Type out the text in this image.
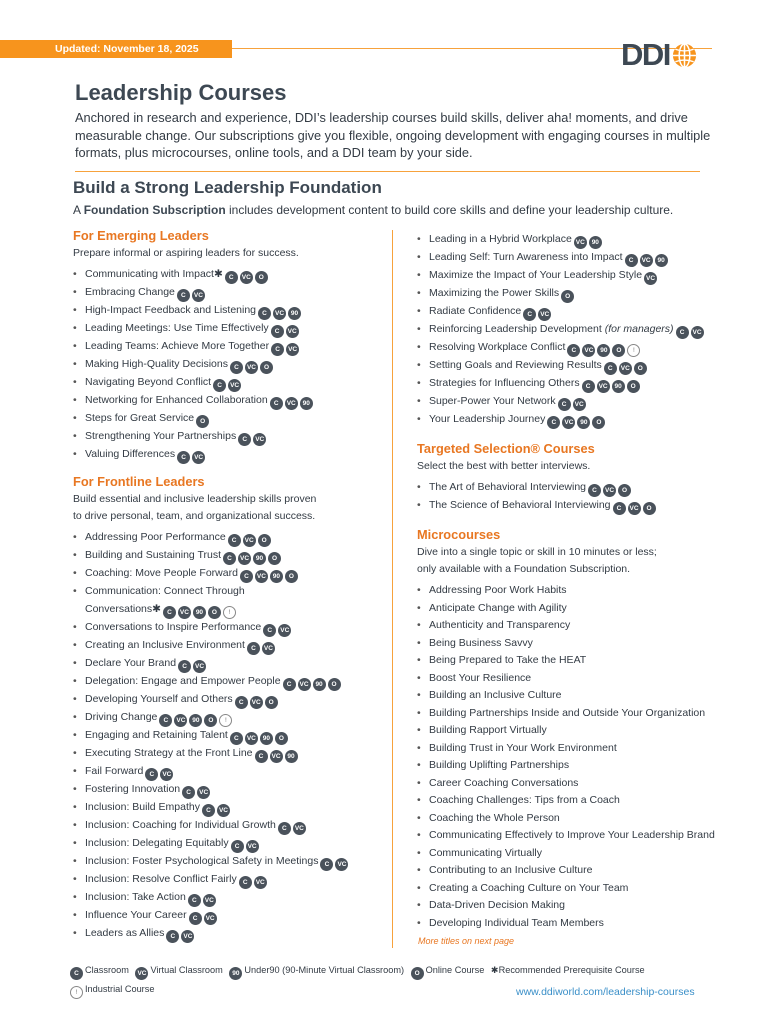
Updated: November 18, 2025	DDI
Leadership Courses

Anchored in research and experience, DDI’s leadership courses build skills, deliver aha! moments, and drive measurable change. Our subscriptions give you flexible, ongoing development with engaging courses in multiple formats, plus microcourses, online tools, and a DDI team by your side.

Build a Strong Leadership Foundation

A Foundation Subscription includes development content to build core skills and define your leadership culture.

For Emerging Leaders
Prepare informal or aspiring leaders for success.
• Communicating with Impact✱ C VC O
• Embracing Change C VC
• High-Impact Feedback and Listening C VC 90
• Leading Meetings: Use Time Effectively C VC
• Leading Teams: Achieve More Together C VC
• Making High-Quality Decisions C VC O
• Navigating Beyond Conflict C VC
• Networking for Enhanced Collaboration C VC 90
• Steps for Great Service O
• Strengthening Your Partnerships C VC
• Valuing Differences C VC
For Frontline Leaders
Build essential and inclusive leadership skills proven
to drive personal, team, and organizational success.
• Addressing Poor Performance C VC O
• Building and Sustaining Trust C VC 90 O
• Coaching: Move People Forward C VC 90 O
• Communication: Connect Through
Conversations✱ C VC 90 O !
• Conversations to Inspire Performance C VC
• Creating an Inclusive Environment C VC
• Declare Your Brand C VC
• Delegation: Engage and Empower People C VC 90 O
• Developing Yourself and Others C VC O
• Driving Change C VC 90 O !
• Engaging and Retaining Talent C VC 90 O
• Executing Strategy at the Front Line C VC 90
• Fail Forward C VC
• Fostering Innovation C VC
• Inclusion: Build Empathy C VC
• Inclusion: Coaching for Individual Growth C VC
• Inclusion: Delegating Equitably C VC
• Inclusion: Foster Psychological Safety in Meetings C VC
• Inclusion: Resolve Conflict Fairly C VC
• Inclusion: Take Action C VC
• Influence Your Career C VC
• Leaders as Allies C VC
• Leading in a Hybrid Workplace VC 90
• Leading Self: Turn Awareness into Impact C VC 90
• Maximize the Impact of Your Leadership Style VC
• Maximizing the Power Skills O
• Radiate Confidence C VC
• Reinforcing Leadership Development (for managers) C VC
• Resolving Workplace Conflict C VC 90 O !
• Setting Goals and Reviewing Results C VC O
• Strategies for Influencing Others C VC 90 O
• Super-Power Your Network C VC
• Your Leadership Journey C VC 90 O
Targeted Selection® Courses
Select the best with better interviews.
• The Art of Behavioral Interviewing C VC O
• The Science of Behavioral Interviewing C VC O
Microcourses
Dive into a single topic or skill in 10 minutes or less;
only available with a Foundation Subscription.
• Addressing Poor Work Habits
• Anticipate Change with Agility
• Authenticity and Transparency
• Being Business Savvy
• Being Prepared to Take the HEAT
• Boost Your Resilience
• Building an Inclusive Culture
• Building Partnerships Inside and Outside Your Organization
• Building Rapport Virtually
• Building Trust in Your Work Environment
• Building Uplifting Partnerships
• Career Coaching Conversations
• Coaching Challenges: Tips from a Coach
• Coaching the Whole Person
• Communicating Effectively to Improve Your Leadership Brand
• Communicating Virtually
• Contributing to an Inclusive Culture
• Creating a Coaching Culture on Your Team
• Data-Driven Decision Making
• Developing Individual Team Members
More titles on next page
C Classroom VC Virtual Classroom 90 Under90 (90-Minute Virtual Classroom) O Online Course ✱Recommended Prerequisite Course
! Industrial Course	www.ddiworld.com/leadership-courses
